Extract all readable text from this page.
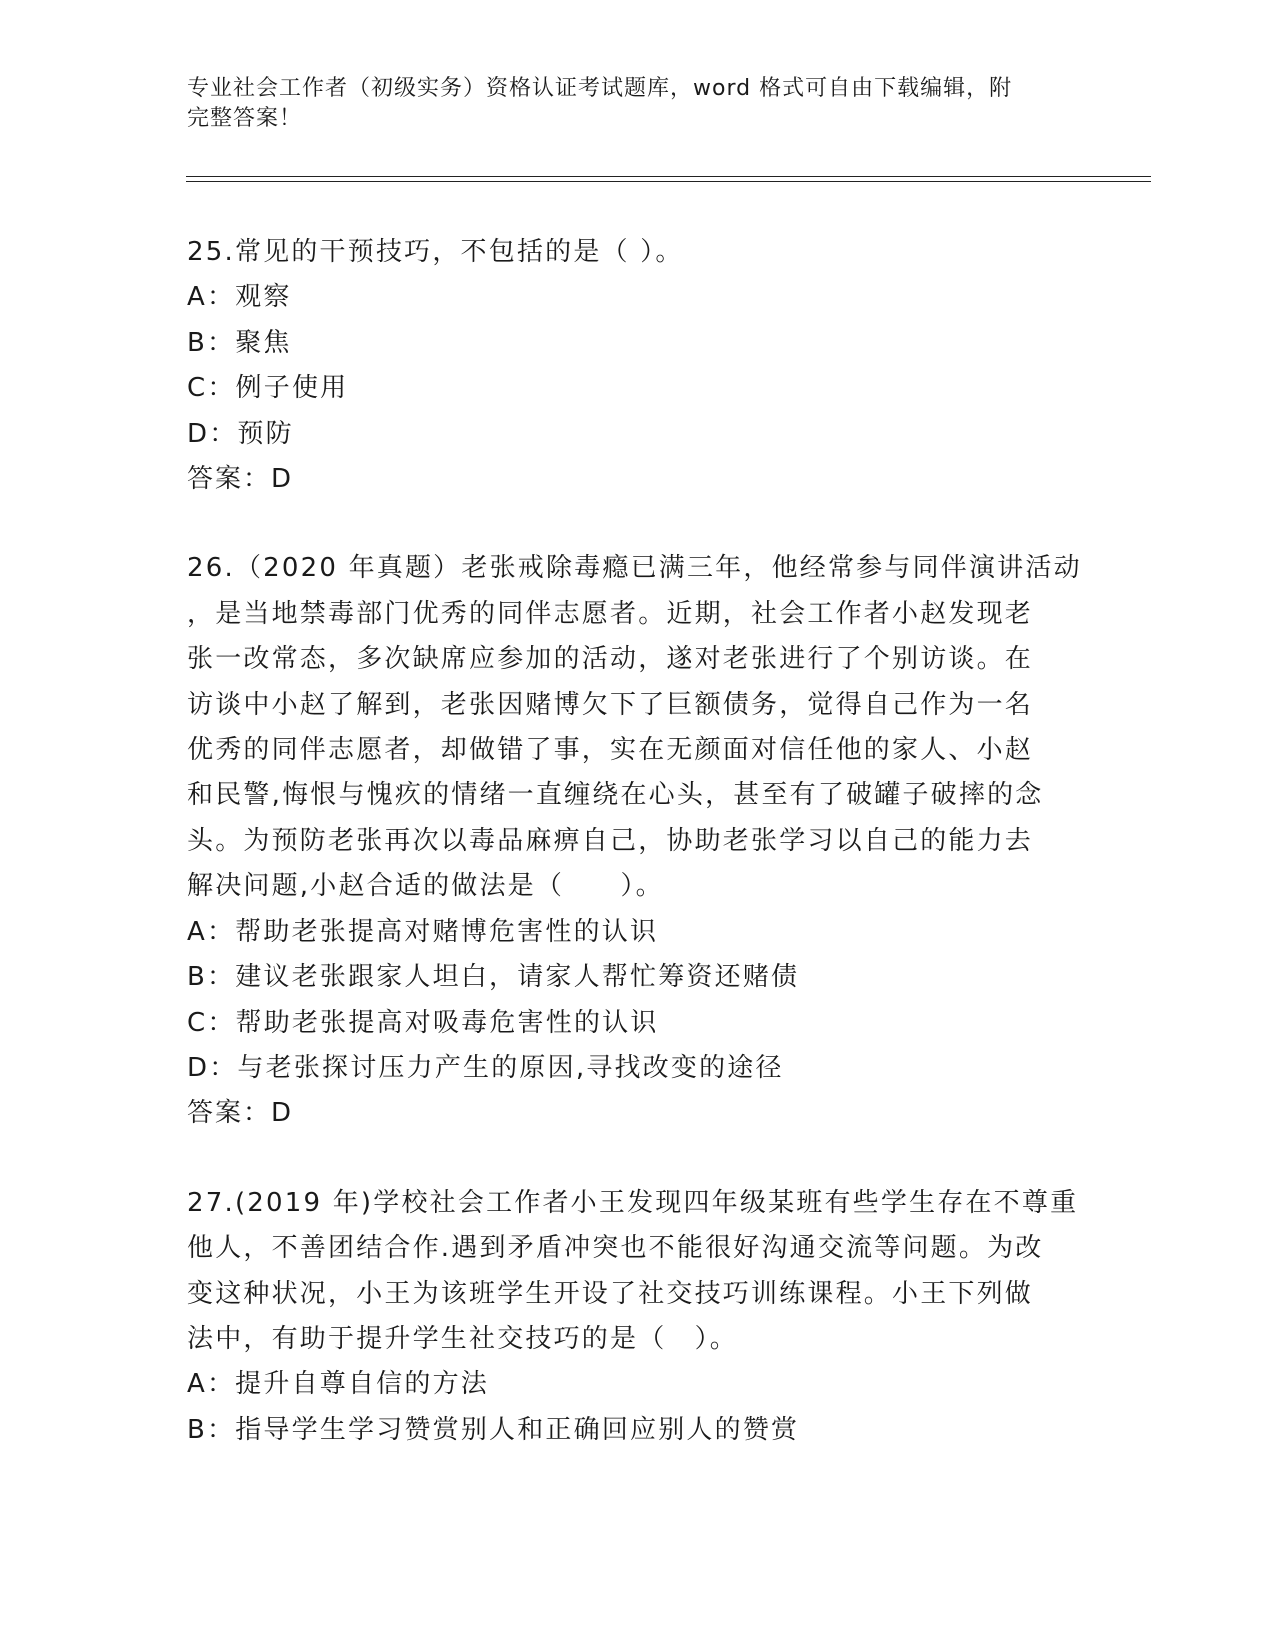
专业社会工作者（初级实务）资格认证考试题库，word 格式可自由下载编辑，附
完整答案！
25.常见的干预技巧，不包括的是（ ）。
A：观察
B：聚焦
C：例子使用
D：预防
答案：D
26.（2020 年真题）老张戒除毒瘾已满三年，他经常参与同伴演讲活动
，是当地禁毒部门优秀的同伴志愿者。近期，社会工作者小赵发现老
张一改常态，多次缺席应参加的活动，遂对老张进行了个别访谈。在
访谈中小赵了解到，老张因赌博欠下了巨额债务，觉得自己作为一名
优秀的同伴志愿者，却做错了事，实在无颜面对信任他的家人、小赵
和民警,悔恨与愧疚的情绪一直缠绕在心头，甚至有了破罐子破摔的念
头。为预防老张再次以毒品麻痹自己，协助老张学习以自己的能力去
解决问题,小赵合适的做法是（　　）。
A：帮助老张提高对赌博危害性的认识
B：建议老张跟家人坦白，请家人帮忙筹资还赌债
C：帮助老张提高对吸毒危害性的认识
D：与老张探讨压力产生的原因,寻找改变的途径
答案：D
27.(2019 年)学校社会工作者小王发现四年级某班有些学生存在不尊重
他人，不善团结合作.遇到矛盾冲突也不能很好沟通交流等问题。为改
变这种状况，小王为该班学生开设了社交技巧训练课程。小王下列做
法中，有助于提升学生社交技巧的是（　）。
A：提升自尊自信的方法
B：指导学生学习赞赏别人和正确回应别人的赞赏
